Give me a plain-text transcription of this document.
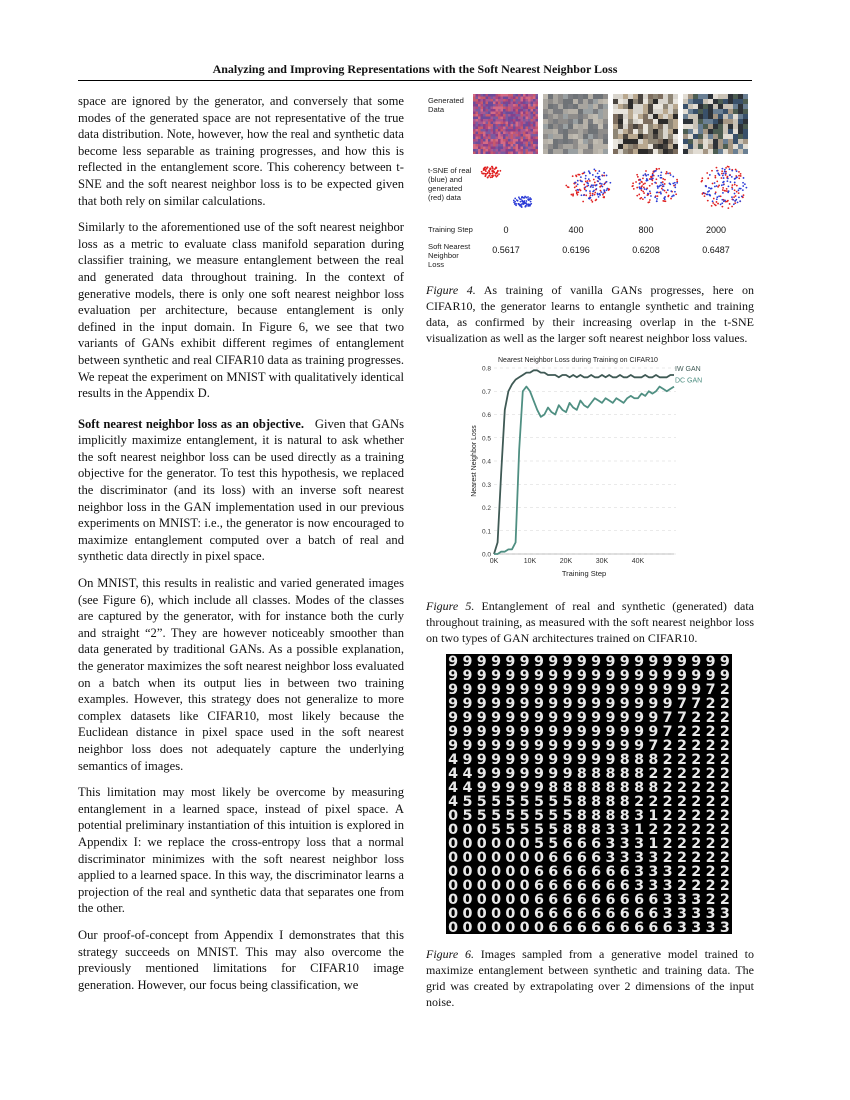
Analyzing and Improving Representations with the Soft Nearest Neighbor Loss

space are ignored by the generator, and conversely that some modes of the generated space are not representative of the true data distribution. Note, however, how the real and synthetic data become less separable as training progresses, and how this is reflected in the entanglement score. This coherency between t-SNE and the soft nearest neighbor loss is to be expected given that both rely on similar calculations.

Similarly to the aforementioned use of the soft nearest neighbor loss as a metric to evaluate class manifold separation during classifier training, we measure entanglement between the real and generated data throughout training. In the context of generative models, there is only one soft nearest neighbor loss evaluation per architecture, because entanglement is only defined in the input domain. In Figure 6, we see that two variants of GANs exhibit different regimes of entanglement between synthetic and real CIFAR10 data as training progresses. We repeat the experiment on MNIST with qualitatively identical results in the Appendix D.

Soft nearest neighbor loss as an objective. Given that GANs implicitly maximize entanglement, it is natural to ask whether the soft nearest neighbor loss can be used directly as a training objective for the generator. To test this hypothesis, we replaced the discriminator (and its loss) with an inverse soft nearest neighbor loss in the GAN implementation used in our previous experiments on MNIST: i.e., the generator is now encouraged to maximize entanglement computed over a batch of real and synthetic data directly in pixel space.

On MNIST, this results in realistic and varied generated images (see Figure 6), which include all classes. Modes of the classes are captured by the generator, with for instance both the curly and straight “2”. They are however noticeably smoother than data generated by traditional GANs. As a possible explanation, the generator maximizes the soft nearest neighbor loss evaluated on a batch when its output lies in between two training examples. However, this strategy does not generalize to more complex datasets like CIFAR10, most likely because the Euclidean distance in pixel space used in the soft nearest neighbor loss does not adequately capture the underlying semantics of images.

This limitation may most likely be overcome by measuring entanglement in a learned space, instead of pixel space. A potential preliminary instantiation of this intuition is explored in Appendix I: we replace the cross-entropy loss that a normal discriminator minimizes with the soft nearest neighbor loss applied to a learned space. In this way, the discriminator learns a projection of the real and synthetic data that separates one from the other.

Our proof-of-concept from Appendix I demonstrates that this strategy succeeds on MNIST. This may also overcome the previously mentioned limitations for CIFAR10 image generation. However, our focus being classification, we

Generated Data
t-SNE of real (blue) and generated (red) data
Training Step
Soft Nearest Neighbor Loss
0	400	800	2000
0.5617	0.6196	0.6208	0.6487
Figure 4. As training of vanilla GANs progresses, here on CIFAR10, the generator learns to entangle synthetic and training data, as confirmed by their increasing overlap in the t-SNE visualization as well as the larger soft nearest neighbor loss values.
0.0
0.1
0.2
0.3
0.4
0.5
0.6
0.7
0.8
0K	10K	20K	30K	40K
Nearest Neighbor Loss during Training on CIFAR10
Training Step
Nearest Neighbor Loss
IW GAN
DC GAN
Figure 5. Entanglement of real and synthetic (generated) data throughout training, as measured with the soft nearest neighbor loss on two types of GAN architectures trained on CIFAR10.
9 9 9 9 9 9 9 9 9 9 9 9 9 9 9 9 9 9 9 9
9 9 9 9 9 9 9 9 9 9 9 9 9 9 9 9 9 9 9 9
9 9 9 9 9 9 9 9 9 9 9 9 9 9 9 9 9 9 7 2
9 9 9 9 9 9 9 9 9 9 9 9 9 9 9 9 7 7 2 2
9 9 9 9 9 9 9 9 9 9 9 9 9 9 9 7 7 2 2 2
9 9 9 9 9 9 9 9 9 9 9 9 9 9 9 7 2 2 2 2
9 9 9 9 9 9 9 9 9 9 9 9 9 9 7 2 2 2 2 2
4 9 9 9 9 9 9 9 9 9 9 9 8 8 8 2 2 2 2 2
4 4 9 9 9 9 9 9 9 8 8 8 8 8 2 2 2 2 2 2
4 4 9 9 9 9 9 8 8 8 8 8 8 8 8 2 2 2 2 2
4 5 5 5 5 5 5 5 5 8 8 8 8 2 2 2 2 2 2 2
0 5 5 5 5 5 5 5 5 8 8 8 8 3 1 2 2 2 2 2
0 0 0 5 5 5 5 5 8 8 8 3 3 1 2 2 2 2 2 2
0 0 0 0 0 0 5 5 6 6 6 3 3 3 1 2 2 2 2 2
0 0 0 0 0 0 0 6 6 6 6 3 3 3 3 2 2 2 2 2
0 0 0 0 0 0 6 6 6 6 6 6 6 3 3 3 2 2 2 2
0 0 0 0 0 0 6 6 6 6 6 6 6 3 3 3 2 2 2 2
0 0 0 0 0 0 6 6 6 6 6 6 6 6 6 3 3 3 2 2
0 0 0 0 0 0 6 6 6 6 6 6 6 6 6 3 3 3 3 3
0 0 0 0 0 0 0 6 6 6 6 6 6 6 6 6 3 3 3 3
Figure 6. Images sampled from a generative model trained to maximize entanglement between synthetic and training data. The grid was created by extrapolating over 2 dimensions of the input noise.
